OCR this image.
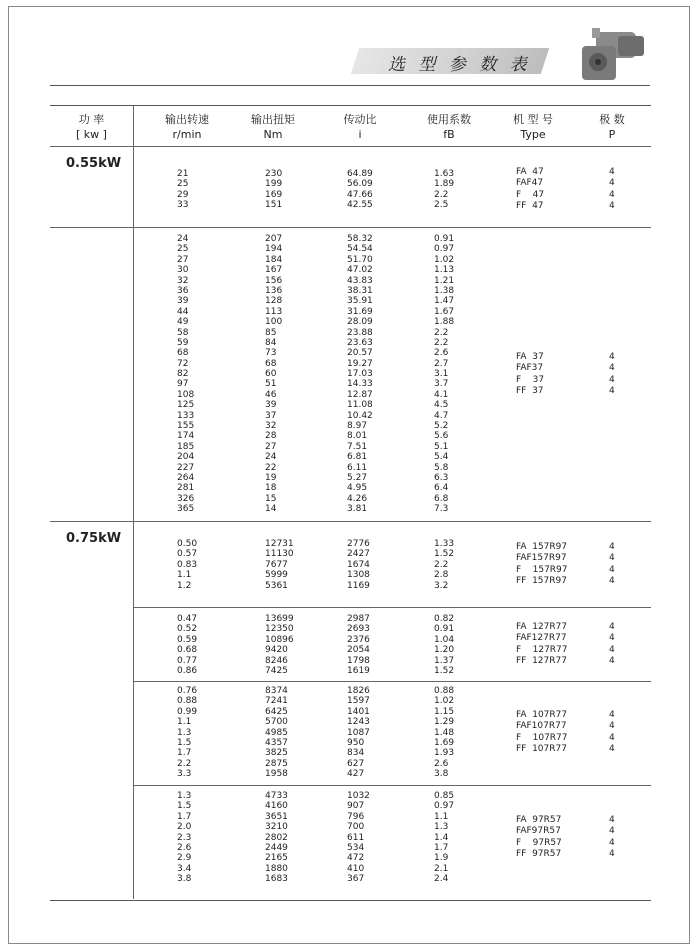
选 型 参 数 表
功 率
[ kw ]
输出转速
r/min
输出扭矩
Nm
传动比
i
使用系数
fB
机 型 号
Type
极 数
P
0.55kW
0.75kW
21
25
29
33
230
199
169
151
64.89
56.09
47.66
42.55
1.63
1.89
2.2
2.5
FA  47
FAF47
F    47
FF  47
4
4
4
4
24
25
27
30
32
36
39
44
49
58
59
68
72
82
97
108
125
133
155
174
185
204
227
264
281
326
365
207
194
184
167
156
136
128
113
100
85
84
73
68
60
51
46
39
37
32
28
27
24
22
19
18
15
14
58.32
54.54
51.70
47.02
43.83
38.31
35.91
31.69
28.09
23.88
23.63
20.57
19.27
17.03
14.33
12.87
11.08
10.42
8.97
8.01
7.51
6.81
6.11
5.27
4.95
4.26
3.81
0.91
0.97
1.02
1.13
1.21
1.38
1.47
1.67
1.88
2.2
2.2
2.6
2.7
3.1
3.7
4.1
4.5
4.7
5.2
5.6
5.1
5.4
5.8
6.3
6.4
6.8
7.3
FA  37
FAF37
F    37
FF  37
4
4
4
4
0.50
0.57
0.83
1.1
1.2
12731
11130
7677
5999
5361
2776
2427
1674
1308
1169
1.33
1.52
2.2
2.8
3.2
FA  157R97
FAF157R97
F    157R97
FF  157R97
4
4
4
4
0.47
0.52
0.59
0.68
0.77
0.86
13699
12350
10896
9420
8246
7425
2987
2693
2376
2054
1798
1619
0.82
0.91
1.04
1.20
1.37
1.52
FA  127R77
FAF127R77
F    127R77
FF  127R77
4
4
4
4
0.76
0.88
0.99
1.1
1.3
1.5
1.7
2.2
3.3
8374
7241
6425
5700
4985
4357
3825
2875
1958
1826
1597
1401
1243
1087
950
834
627
427
0.88
1.02
1.15
1.29
1.48
1.69
1.93
2.6
3.8
FA  107R77
FAF107R77
F    107R77
FF  107R77
4
4
4
4
1.3
1.5
1.7
2.0
2.3
2.6
2.9
3.4
3.8
4733
4160
3651
3210
2802
2449
2165
1880
1683
1032
907
796
700
611
534
472
410
367
0.85
0.97
1.1
1.3
1.4
1.7
1.9
2.1
2.4
FA  97R57
FAF97R57
F    97R57
FF  97R57
4
4
4
4
